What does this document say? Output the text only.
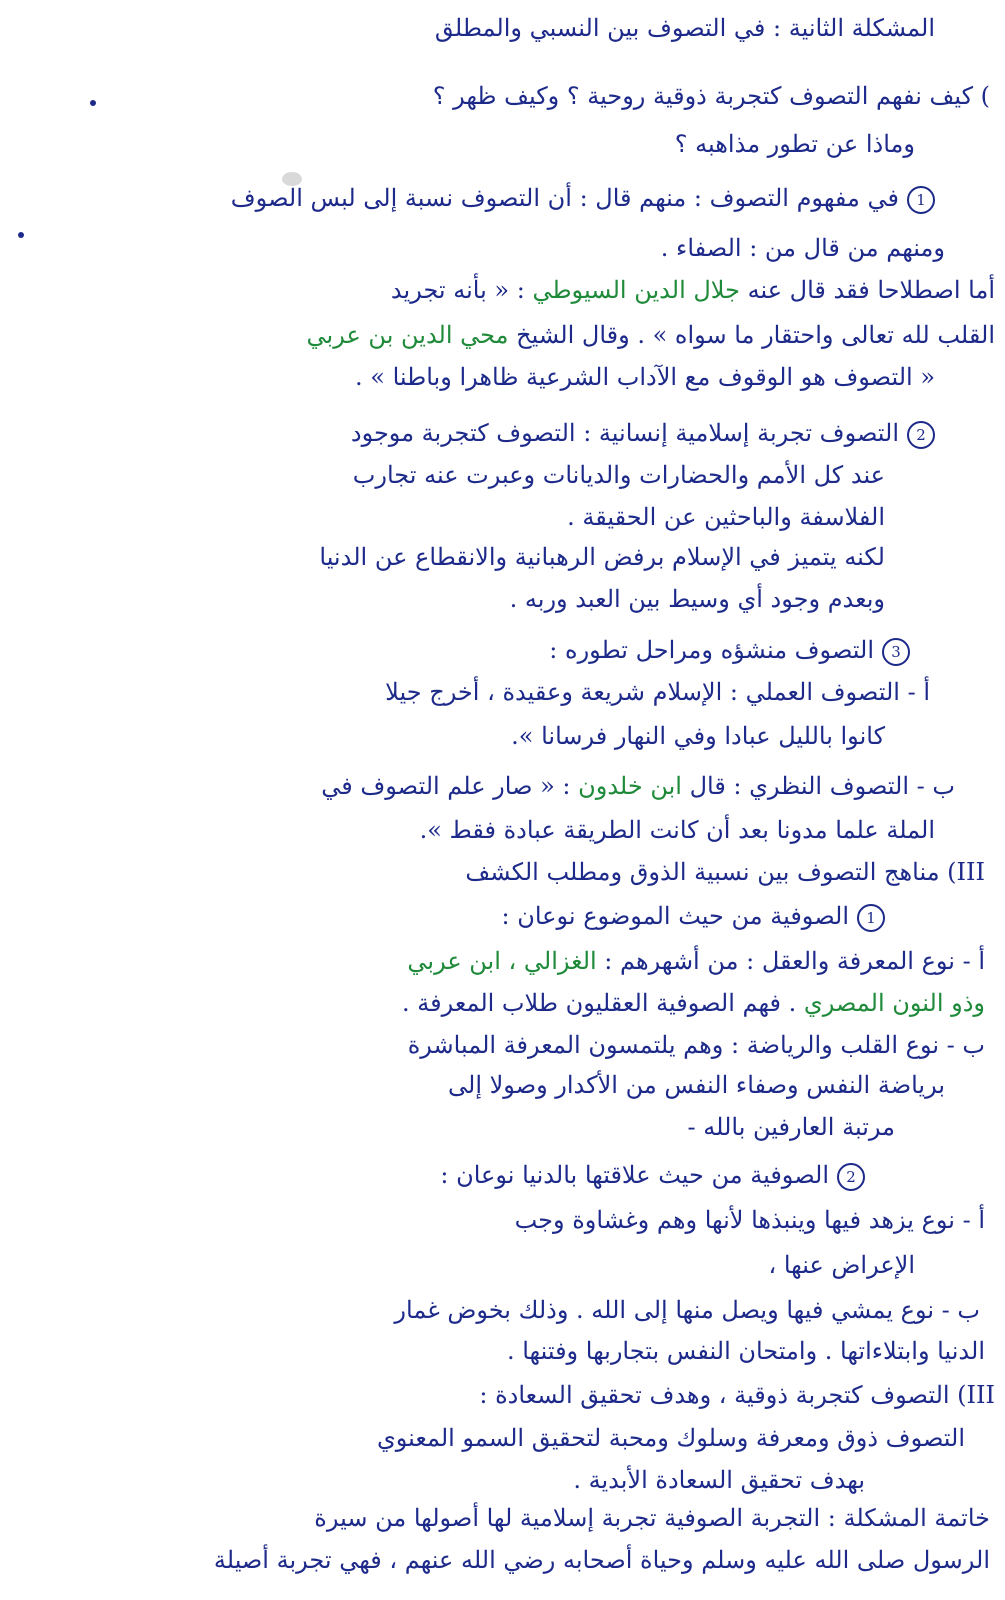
المشكلة الثانية : في التصوف بين النسبي والمطلق
) كيف نفهم التصوف كتجربة ذوقية روحية ؟ وكيف ظهر ؟
وماذا عن تطور مذاهبه ؟
1في مفهوم التصوف : منهم قال : أن التصوف نسبة إلى لبس الصوف
ومنهم من قال من : الصفاء .
أما اصطلاحا فقد قال عنه جلال الدين السيوطي : « بأنه تجريد
القلب لله تعالى واحتقار ما سواه » . وقال الشيخ محي الدين بن عربي
« التصوف هو الوقوف مع الآداب الشرعية ظاهرا وباطنا » .
2التصوف تجربة إسلامية إنسانية : التصوف كتجربة موجود
عند كل الأمم والحضارات والديانات وعبرت عنه تجارب
الفلاسفة والباحثين عن الحقيقة .
لكنه يتميز في الإسلام برفض الرهبانية والانقطاع عن الدنيا
وبعدم وجود أي وسيط بين العبد وربه .
3التصوف منشؤه ومراحل تطوره :
أ - التصوف العملي : الإسلام شريعة وعقيدة ، أخرج جيلا
كانوا بالليل عبادا وفي النهار فرسانا ».
ب - التصوف النظري : قال ابن خلدون : « صار علم التصوف في
الملة علما مدونا بعد أن كانت الطريقة عبادة فقط ».
III) مناهج التصوف بين نسبية الذوق ومطلب الكشف
1الصوفية من حيث الموضوع نوعان :
أ - نوع المعرفة والعقل : من أشهرهم : الغزالي ، ابن عربي
وذو النون المصري . فهم الصوفية العقليون طلاب المعرفة .
ب - نوع القلب والرياضة : وهم يلتمسون المعرفة المباشرة
برياضة النفس وصفاء النفس من الأكدار وصولا إلى
مرتبة العارفين بالله -
2الصوفية من حيث علاقتها بالدنيا نوعان :
أ - نوع يزهد فيها وينبذها لأنها وهم وغشاوة وجب
الإعراض عنها ،
ب - نوع يمشي فيها ويصل منها إلى الله . وذلك بخوض غمار
الدنيا وابتلاءاتها . وامتحان النفس بتجاربها وفتنها .
III) التصوف كتجربة ذوقية ، وهدف تحقيق السعادة :
التصوف ذوق ومعرفة وسلوك ومحبة لتحقيق السمو المعنوي
بهدف تحقيق السعادة الأبدية .
خاتمة المشكلة : التجربة الصوفية تجربة إسلامية لها أصولها من سيرة
الرسول صلى الله عليه وسلم وحياة أصحابه رضي الله عنهم ، فهي تجربة أصيلة
